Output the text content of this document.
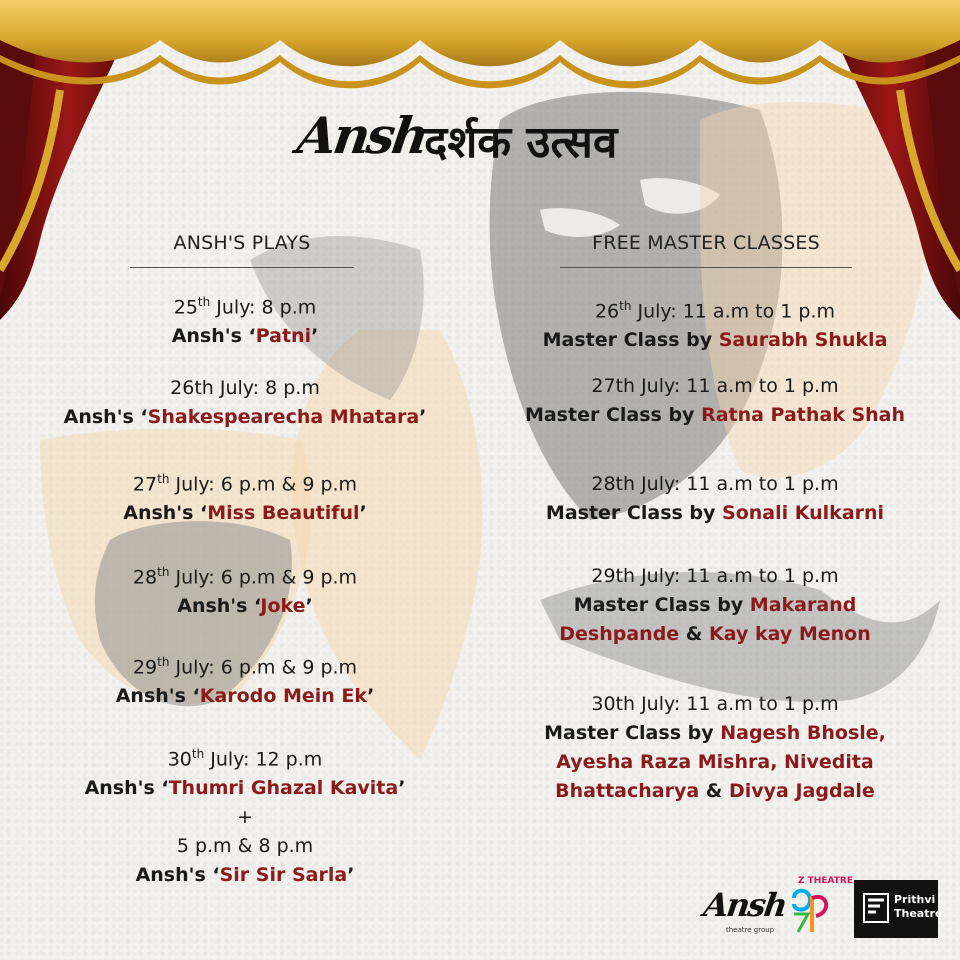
Ansh
दर्शक उत्सव
ANSH'S PLAYS	FREE MASTER CLASSES
25th July: 8 p.m
Ansh's ‘Patni’
26th July: 8 p.m
Ansh's ‘Shakespearecha Mhatara’
27th July: 6 p.m & 9 p.m
Ansh's ‘Miss Beautiful’
28th July: 6 p.m & 9 p.m
Ansh's ‘Joke’
29th July: 6 p.m & 9 p.m
Ansh's ‘Karodo Mein Ek’
30th July: 12 p.m
Ansh's ‘Thumri Ghazal Kavita’
+
5 p.m & 8 p.m
Ansh's ‘Sir Sir Sarla’
26th July: 11 a.m to 1 p.m
Master Class by Saurabh Shukla
27th July: 11 a.m to 1 p.m
Master Class by Ratna Pathak Shah
28th July: 11 a.m to 1 p.m
Master Class by Sonali Kulkarni
29th July: 11 a.m to 1 p.m
Master Class by Makarand
Deshpande & Kay kay Menon
30th July: 11 a.m to 1 p.m
Master Class by Nagesh Bhosle,
Ayesha Raza Mishra, Nivedita
Bhattacharya & Divya Jagdale
Ansh
theatre group
Z THEATRE
Prithvi Theatre
